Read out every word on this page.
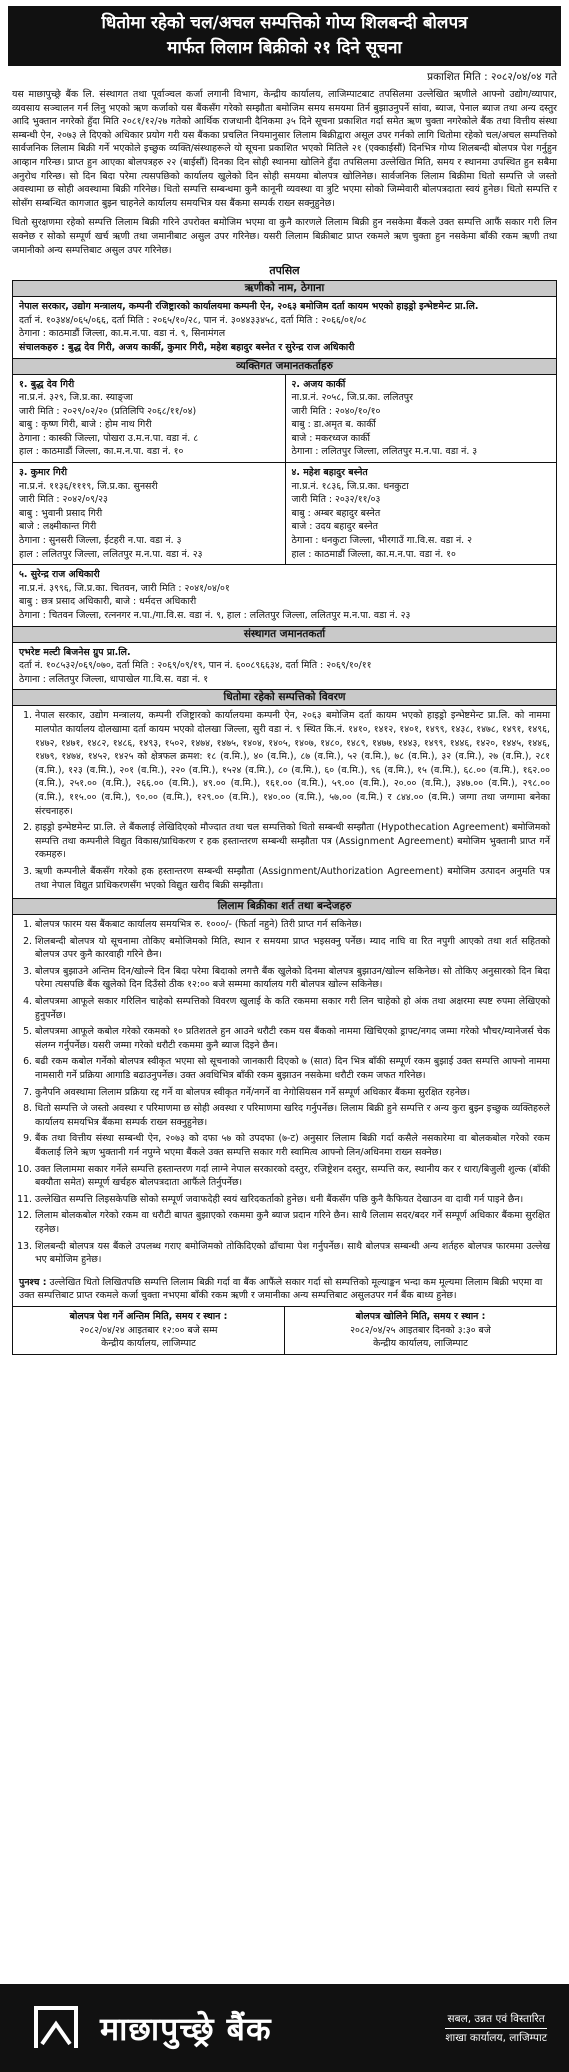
धितोमा रहेको चल/अचल सम्पत्तिको गोप्य शिलबन्दी बोलपत्र
मार्फत लिलाम बिक्रीको २१ दिने सूचना
प्रकाशित मिति : २०८२/०४/०४ गते
यस माछापुच्छ्रे बैंक लि. संस्थागत तथा पूर्वाञ्चल कर्जा लगानी विभाग, केन्द्रीय कार्यालय, लाजिम्पाटबाट तपसिलमा उल्लेखित ऋणीले आफ्नो उद्योग/व्यापार, व्यवसाय सञ्चालन गर्न लिनु भएको ऋण कर्जाको यस बैंकसँग गरेको सम्झौता बमोजिम समय समयमा तिर्न बुझाउनुपर्ने सांवा, ब्याज, पेनाल ब्याज तथा अन्य दस्तुर आदि भुक्तान नगरेको हुँदा मिति २०८१/१२/२७ गतेको आर्थिक राजधानी दैनिकमा ३५ दिने सूचना प्रकाशित गर्दा समेत ऋण चुक्ता नगरेकोले बैंक तथा वित्तीय संस्था सम्बन्धी ऐन, २०७३ ले दिएको अधिकार प्रयोग गरी यस बैंकका प्रचलित नियमानुसार लिलाम बिक्रीद्वारा असूल उपर गर्नको लागि धितोमा रहेको चल/अचल सम्पत्तिको सार्वजनिक लिलाम बिक्री गर्ने भएकोले इच्छुक व्यक्ति/संस्थाहरूले यो सूचना प्रकाशित भएको मितिले २१ (एक्काईसौं) दिनभित्र गोप्य शिलबन्दी बोलपत्र पेश गर्नुहुन आव्हान गरिन्छ। प्राप्त हुन आएका बोलपत्रहरु २२ (बाईसौं) दिनका दिन सोही स्थानमा खोलिने हुँदा तपसिलमा उल्लेखित मिति, समय र स्थानमा उपस्थित हुन सबैमा अनुरोध गरिन्छ। सो दिन बिदा परेमा त्यसपछिको कार्यालय खुलेको दिन सोही समयमा बोलपत्र खोलिनेछ। सार्वजनिक लिलाम बिक्रीमा धितो सम्पत्ति जे जस्तो अवस्थामा छ सोही अवस्थामा बिक्री गरिनेछ। धितो सम्पत्ति सम्बन्धमा कुनै कानूनी व्यवस्था वा त्रुटि भएमा सोको जिम्मेवारी बोलपत्रदाता स्वयं हुनेछ। धितो सम्पत्ति र सोसँग सम्बन्धित कागजात बुझ्न चाहनेले कार्यालय समयभित्र यस बैंकमा सम्पर्क राख्न सक्नुहुनेछ।
धितो सुरक्षणमा रहेको सम्पत्ति लिलाम बिक्री गरिने उपरोक्त बमोजिम भएमा वा कुनै कारणले लिलाम बिक्री हुन नसकेमा बैंकले उक्त सम्पत्ति आफैं सकार गरी लिन सक्नेछ र सोको सम्पूर्ण खर्च ऋणी तथा जमानीबाट असुल उपर गरिनेछ। यसरी लिलाम बिक्रीबाट प्राप्त रकमले ऋण चुक्ता हुन नसकेमा बाँकी रकम ऋणी तथा जमानीको अन्य सम्पत्तिबाट असुल उपर गरिनेछ।
तपसिल
ऋणीको नाम, ठेगाना
नेपाल सरकार, उद्योग मन्त्रालय, कम्पनी रजिष्ट्रारको कार्यालयमा कम्पनी ऐन, २०६३ बमोजिम दर्ता कायम भएको हाइड्रो इन्भेष्टमेन्ट प्रा.लि.
दर्ता नं. १०३४४/०६५/०६६, दर्ता मिति : २०६५/१०/२८, पान नं. ३०४४३३४५८, दर्ता मिति : २०६६/०१/०८
ठेगाना : काठमाडौं जिल्ला, का.म.न.पा. वडा नं. ९, सिनामंगल
संचालकहरु : बुद्ध देव गिरी, अजय कार्की, कुमार गिरी, महेश बहादुर बस्नेत र सुरेन्द्र राज अधिकारी
व्यक्तिगत जमानतकर्ताहरु
१. बुद्ध देव गिरी
ना.प्र.नं. ३२९, जि.प्र.का. स्याङ्जा
जारी मिति : २०२९/०२/२० (प्रतिलिपि २०६८/११/०४)
बाबु : कृष्ण गिरी, बाजे : होम नाथ गिरी
ठेगाना : कास्की जिल्ला, पोखरा उ.म.न.पा. वडा नं. ८
हाल : काठमाडौं जिल्ला, का.म.न.पा. वडा नं. १०
२. अजय कार्की
ना.प्र.नं. २०५८, जि.प्र.का. ललितपुर
जारी मिति : २०४०/१०/१०
बाबु : डा.अमृत ब. कार्की
बाजे : मकरध्वज कार्की
ठेगाना : ललितपुर जिल्ला, ललितपुर म.न.पा. वडा नं. ३
३. कुमार गिरी
ना.प्र.नं. ११३६/१११९, जि.प्र.का. सुनसरी
जारी मिति : २०४२/०९/२३
बाबु : भुवानी प्रसाद गिरी
बाजे : लक्ष्मीकान्त गिरी
ठेगाना : सुनसरी जिल्ला, ईटहरी न.पा. वडा नं. ३
हाल : ललितपुर जिल्ला, ललितपुर म.न.पा. वडा नं. २३
४. महेश बहादुर बस्नेत
ना.प्र.नं. १८३६, जि.प्र.का. धनकुटा
जारी मिति : २०३२/११/०३
बाबु : अम्बर बहादुर बस्नेत
बाजे : उदय बहादुर बस्नेत
ठेगाना : धनकुटा जिल्ला, भीरगाउँ गा.वि.स. वडा नं. २
हाल : काठमाडौं जिल्ला, का.म.न.पा. वडा नं. १०
५. सुरेन्द्र राज अधिकारी
ना.प्र.नं. ३९९६, जि.प्र.का. चितवन, जारी मिति : २०४१/०४/०१
बाबु : छत्र प्रसाद अधिकारी, बाजे : धर्मदत्त अधिकारी
ठेगाना : चितवन जिल्ला, रत्ननगर न.पा./गा.वि.स. वडा नं. ९, हाल : ललितपुर जिल्ला, ललितपुर म.न.पा. वडा नं. २३
संस्थागत जमानतकर्ता
एभरेष्ट मल्टी बिजनेस ग्रुप प्रा.लि.
दर्ता नं. १०८५३२/०६९/०७०, दर्ता मिति : २०६९/०९/१९, पान नं. ६००८९६६३४, दर्ता मिति : २०६९/१०/११
ठेगाना : ललितपुर जिल्ला, धापाखेल गा.वि.स. वडा नं. १
धितोमा रहेको सम्पत्तिको विवरण
1. नेपाल सरकार, उद्योग मन्त्रालय, कम्पनी रजिष्ट्रारको कार्यालयमा कम्पनी ऐन, २०६३ बमोजिम दर्ता कायम भएको हाइड्रो इन्भेष्टमेन्ट प्रा.लि. को नाममा मालपोत कार्यालय दोलखामा दर्ता कायम भएको दोलखा जिल्ला, सुरी वडा नं. ९ स्थित कि.नं. १४१०, १४१२, १४०१, १४९९, १४३८, १४७८, १४९१, १४९६, १४७२, १४७१, १४८२, १४८६, १४९३, १५०२, १४७४, १४७५, १४०४, १४०५, १४०७, १४८०, १४८९, १४७७, १४४३, १४९९, १४४६, १४२०, १४४५, १४४६, १४७९, १४७४, १४५२, १४२५ को क्षेत्रफल क्रमश: १८ (व.मि.), ४० (व.मि.), ८७ (व.मि.), ५२ (व.मि.), ७८ (व.मि.), ३२ (व.मि.), २७ (व.मि.), २८१ (व.मि.), १२३ (व.मि.), २०१ (व.मि.), २२० (व.मि.), १५२४ (व.मि.), ८० (व.मि.), ६० (व.मि.), ९६ (व.मि.), १५ (व.मि.), ६८.०० (व.मि.), १६२.०० (व.मि.), २५१.०० (व.मि.), २६६.०० (व.मि.), ४९.०० (व.मि.), १६१.०० (व.मि.), ५९.०० (व.मि.), २०.०० (व.मि.), ३४७.०० (व.मि.), २९८.०० (व.मि.), ११५.०० (व.मि.), ९०.०० (व.मि.), १२९.०० (व.मि.), १४०.०० (व.मि.), ५७.०० (व.मि.) र ८४४.०० (व.मि.) जग्गा तथा जग्गामा बनेका संरचनाहरु।
2. हाइड्रो इन्भेष्टमेन्ट प्रा.लि. ले बैंकलाई लेखिदिएको मौज्दात तथा चल सम्पत्तिको धितो सम्बन्धी सम्झौता (Hypothecation Agreement) बमोजिमको सम्पत्ति तथा कम्पनीले विद्युत विकास/प्राधिकरण र हक हस्तान्तरण सम्बन्धी सम्झौता पत्र (Assignment Agreement) बमोजिम भुक्तानी प्राप्त गर्ने रकमहरु।
3. ऋणी कम्पनीले बैंकसँग गरेको हक हस्तान्तरण सम्बन्धी सम्झौता (Assignment/Authorization Agreement) बमोजिम उत्पादन अनुमति पत्र तथा नेपाल विद्युत प्राधिकरणसँग भएको विद्युत खरीद बिक्री सम्झौता।
लिलाम बिक्रीका शर्त तथा बन्देजहरु
1. बोलपत्र फारम यस बैंकबाट कार्यालय समयभित्र रु. १०००/- (फिर्ता नहुने) तिरी प्राप्त गर्न सकिनेछ।
2. शिलबन्दी बोलपत्र यो सूचनामा तोकिए बमोजिमको मिति, स्थान र समयमा प्राप्त भइसक्नु पर्नेछ। म्याद नाघि वा रित नपुगी आएको तथा शर्त सहितको बोलपत्र उपर कुनै कारवाही गरिने छैन।
3. बोलपत्र बुझाउने अन्तिम दिन/खोल्ने दिन बिदा परेमा बिदाको लगत्तै बैंक खुलेको दिनमा बोलपत्र बुझाउन/खोल्न सकिनेछ। सो तोकिए अनुसारको दिन बिदा परेमा त्यसपछि बैंक खुलेको दिन दिउँसो ठीक १२:०० बजे सम्ममा कार्यालय गरी बोलपत्र खोल्न सकिनेछ।
4. बोलपत्रमा आफूले सकार गरिलिन चाहेको सम्पत्तिको विवरण खुलाई के कति रकममा सकार गरी लिन चाहेको हो अंक तथा अक्षरमा स्पष्ट रुपमा लेखिएको हुनुपर्नेछ।
5. बोलपत्रमा आफूले कबोल गरेको रकमको १० प्रतिशतले हुन आउने धरौटी रकम यस बैंकको नाममा खिचिएको ड्राफ्ट/नगद जम्मा गरेको भौचर/म्यानेजर्स चेक संलग्न गर्नुपर्नेछ। यसरी जम्मा गरेको धरौटी रकममा कुनै ब्याज दिइने छैन।
6. बढी रकम कबोल गर्नेको बोलपत्र स्वीकृत भएमा सो सूचनाको जानकारी दिएको ७ (सात) दिन भित्र बाँकी सम्पूर्ण रकम बुझाई उक्त सम्पत्ति आफ्नो नाममा नामसारी गर्ने प्रक्रिया आगाडि बढाउनुपर्नेछ। उक्त अवधिभित्र बाँकी रकम बुझाउन नसकेमा धरौटी रकम जफत गरिनेछ।
7. कुनैपनि अवस्थामा लिलाम प्रक्रिया रद्द गर्ने वा बोलपत्र स्वीकृत गर्ने/नगर्ने वा नेगोसियसन गर्ने सम्पूर्ण अधिकार बैंकमा सुरक्षित रहनेछ।
8. धितो सम्पत्ति जे जस्तो अवस्था र परिमाणमा छ सोही अवस्था र परिमाणमा खरिद गर्नुपर्नेछ। लिलाम बिक्री हुने सम्पत्ति र अन्य कुरा बुझ्न इच्छुक व्यक्तिहरुले कार्यालय समयभित्र बैंकमा सम्पर्क राख्न सक्नुहुनेछ।
9. बैंक तथा वित्तीय संस्था सम्बन्धी ऐन, २०७३ को दफा ५७ को उपदफा (७-ट) अनुसार लिलाम बिक्री गर्दा कसैले नसकारेमा वा बोलकबोल गरेको रकम बैंकलाई लिने ऋण भुक्तानी गर्न नपुग्ने भएमा बैंकले उक्त सम्पत्ति सकार गरी स्वामित्व आफ्नो लिन/अधिनमा राख्न सक्नेछ।
10. उक्त लिलाममा सकार गर्नेले सम्पत्ति हस्तान्तरण गर्दा लाग्ने नेपाल सरकारको दस्तुर, रजिष्ट्रेशन दस्तुर, सम्पत्ति कर, स्थानीय कर र धारा/बिजुली शुल्क (बाँकी बक्यौता समेत) सम्पूर्ण खर्चहरु बोलपत्रदाता आफैंले तिर्नुपर्नेछ।
11. उल्लेखित सम्पत्ति लिइसकेपछि सोको सम्पूर्ण जवाफदेही स्वयं खरिदकर्ताको हुनेछ। धनी बैंकसँग पछि कुनै कैफियत देखाउन वा दावी गर्न पाइने छैन।
12. लिलाम बोलकबोल गरेको रकम वा धरौटी बापत बुझाएको रकममा कुनै ब्याज प्रदान गरिने छैन। साथै लिलाम सदर/बदर गर्ने सम्पूर्ण अधिकार बैंकमा सुरक्षित रहनेछ।
13. शिलबन्दी बोलपत्र यस बैंकले उपलब्ध गराए बमोजिमको तोकिदिएको ढाँचामा पेश गर्नुपर्नेछ। साथै बोलपत्र सम्बन्धी अन्य शर्तहरु बोलपत्र फारममा उल्लेख भए बमोजिम हुनेछ।
पुनश्च : उल्लेखित धितो लिखितपछि सम्पत्ति लिलाम बिक्री गर्दा वा बैंक आफैंले सकार गर्दा सो सम्पत्तिको मूल्याङ्कन भन्दा कम मूल्यमा लिलाम बिक्री भएमा वा उक्त सम्पत्तिबाट प्राप्त रकमले कर्जा चुक्ता नभएमा बाँकी रकम ऋणी र जमानीका अन्य सम्पत्तिबाट असुलउपर गर्न बैंक बाध्य हुनेछ।
बोलपत्र पेश गर्ने अन्तिम मिति, समय र स्थान :
२०८२/०४/२४ आइतबार १२:०० बजे सम्म
केन्द्रीय कार्यालय, लाजिम्पाट
बोलपत्र खोलिने मिति, समय र स्थान :
२०८२/०४/२५ आइतबार दिनको ३:३० बजे
केन्द्रीय कार्यालय, लाजिम्पाट
माछापुच्छ्रे बैंक	सबल, उन्नत एवं विस्तारित
शाखा कार्यालय, लाजिम्पाट
